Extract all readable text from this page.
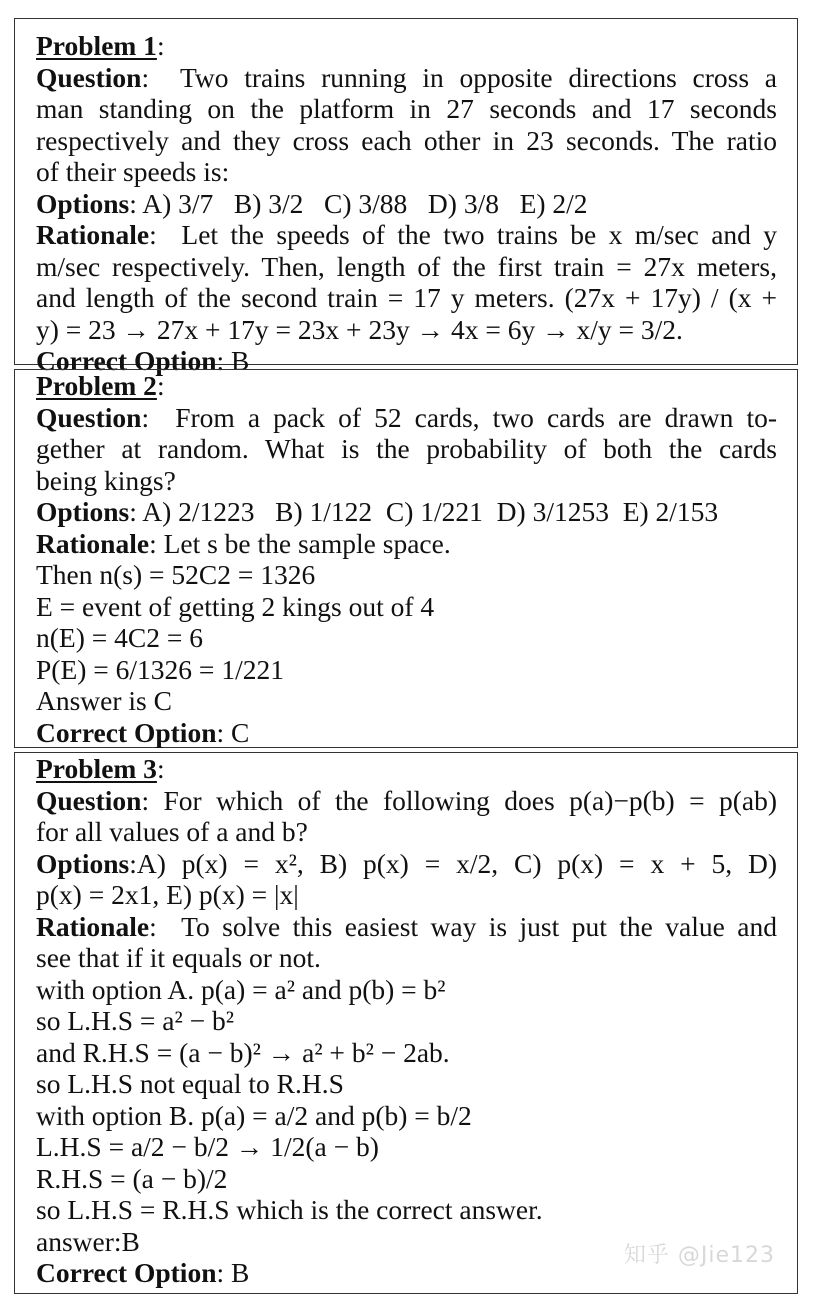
Problem 1:
Question:  Two trains running in opposite directions cross a
man standing on the platform in 27 seconds and 17 seconds
respectively and they cross each other in 23 seconds. The ratio
of their speeds is:
Options: A) 3/7   B) 3/2   C) 3/88   D) 3/8   E) 2/2
Rationale:  Let the speeds of the two trains be x m/sec and y
m/sec respectively. Then, length of the first train = 27x meters,
and length of the second train = 17 y meters. (27x + 17y) / (x +
y) = 23 → 27x + 17y = 23x + 23y → 4x = 6y → x/y = 3/2.
Correct Option: B
Problem 2:
Question:  From a pack of 52 cards, two cards are drawn to-
gether at random. What is the probability of both the cards
being kings?
Options: A) 2/1223   B) 1/122  C) 1/221  D) 3/1253  E) 2/153
Rationale: Let s be the sample space.
Then n(s) = 52C2 = 1326
E = event of getting 2 kings out of 4
n(E) = 4C2 = 6
P(E) = 6/1326 = 1/221
Answer is C
Correct Option: C
Problem 3:
Question: For which of the following does p(a)−p(b) = p(ab)
for all values of a and b?
Options:A) p(x) = x², B) p(x) = x/2, C) p(x) = x + 5, D)
p(x) = 2x1, E) p(x) = |x|
Rationale:  To solve this easiest way is just put the value and
see that if it equals or not.
with option A. p(a) = a² and p(b) = b²
so L.H.S = a² − b²
and R.H.S = (a − b)² → a² + b² − 2ab.
so L.H.S not equal to R.H.S
with option B. p(a) = a/2 and p(b) = b/2
L.H.S = a/2 − b/2 → 1/2(a − b)
R.H.S = (a − b)/2
so L.H.S = R.H.S which is the correct answer.
answer:B
Correct Option: B
知乎 @Jie123
